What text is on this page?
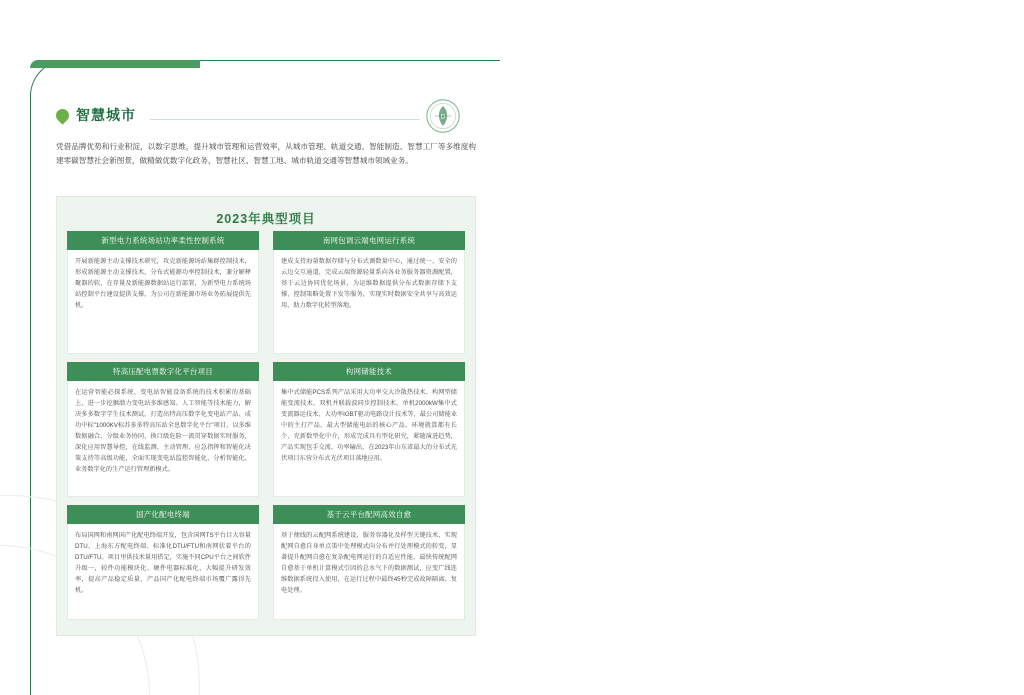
智慧城市	D
凭借品牌优势和行业积淀，以数字思维，提升城市管理和运营效率，从城市管理、轨道交通、智能制造、智慧工厂等多维度构建零碳智慧社会新图景，做精做优数字化政务、智慧社区、智慧工地、城市轨道交通等智慧城市领域业务。
2023年典型项目
新型电力系统场站功率柔性控制系统
开展新能源主动支撑技术研究，攻克新能源场站集群控制技术，形成新能源主动支撑技术，分布式能源功率控制技术，兼分解释聚器的软、在存量及新能源数据站运行部署，为新型电力系统场站控制平台建设提供支撑，为公司在新能源市场业务拓展提供先机。
南网包调云端电网运行系统
建成支持海量数据存储与分布式调数量中心，通过统一、安全的云边交互通道，完成云端资源轻量系向各业务服务器资源配置，基于云边协同优化场景，为运维数据提供分布式数据存储下支撑，控制策略处置下发等服务，实现实时数据安全共享与高效运用，助力数字化转型落地。
特高压配电票数字化平台项目
在运营智能必探系统、变电站智能设备系统的技术积累的基础上，进一步挖掘潜力变电站多维感知。人工智能等技术能力，解决多多数字学生技术测试，打造出特高压数字化变电站产品、成功中标"1000KV标苏多多特高压站全息数字化平台"项目，以多维数据融合、分级业务协同、换口级危险一流贯穿数据实时服务，深化应用智慧导控，在线监测、主动管理、应急指挥和智能化决策支持等高级功能，全面实现变电站监控智能化，分析智能化、业务数字化的生产运行管理新模式。
构网储能技术
集中式储能PCS系列产品采用大功率交大冷散热技术、构网型储能变流技术、双机并联载波同步控制技术、单机2000kW集中式变流器运技术、大功率IGBT驱动电路设计技术等，最公司储能业中的主打产品，最大型储能电站的核心产品，环境就算都有长个，充新数型化中介，形成完成具有型化研究，紧随演进趋势，产品实现包手交流、功率输出，在2023年山东省最大的分布式光伏项目东营分布式光伏项目落地应用。
国产化配电终端
布局国网和南网国产化配电终端开发，包含国网TS平台目大容量DTU、上海东方配电终端、标准化DTU/FTU和南网状着平台的DTU/FTU。项目里供技术量用搭定，实施不同CPU平台之间软件升级一，较件功能模块化、硬件电器标准化，大幅提升研发效率，提高产品稳定质量，产品国产化配电终端市场覆广露得先机。
基于云平台配网高效自愈
基于便线的云配网系统建设，服务容器化及样型关键技术，实现配网自愈自身单点策中处理模式向分布并行处理模式的转变，显著提升配网自愈在复杂配电网运行的自适应性能，最快传统配网自愈基于单机计算模式引因的总水气下的数据测试，应变广线连维数据系统投入使用，在运行过程中最终45秒完成故障隔离、复电处理。
